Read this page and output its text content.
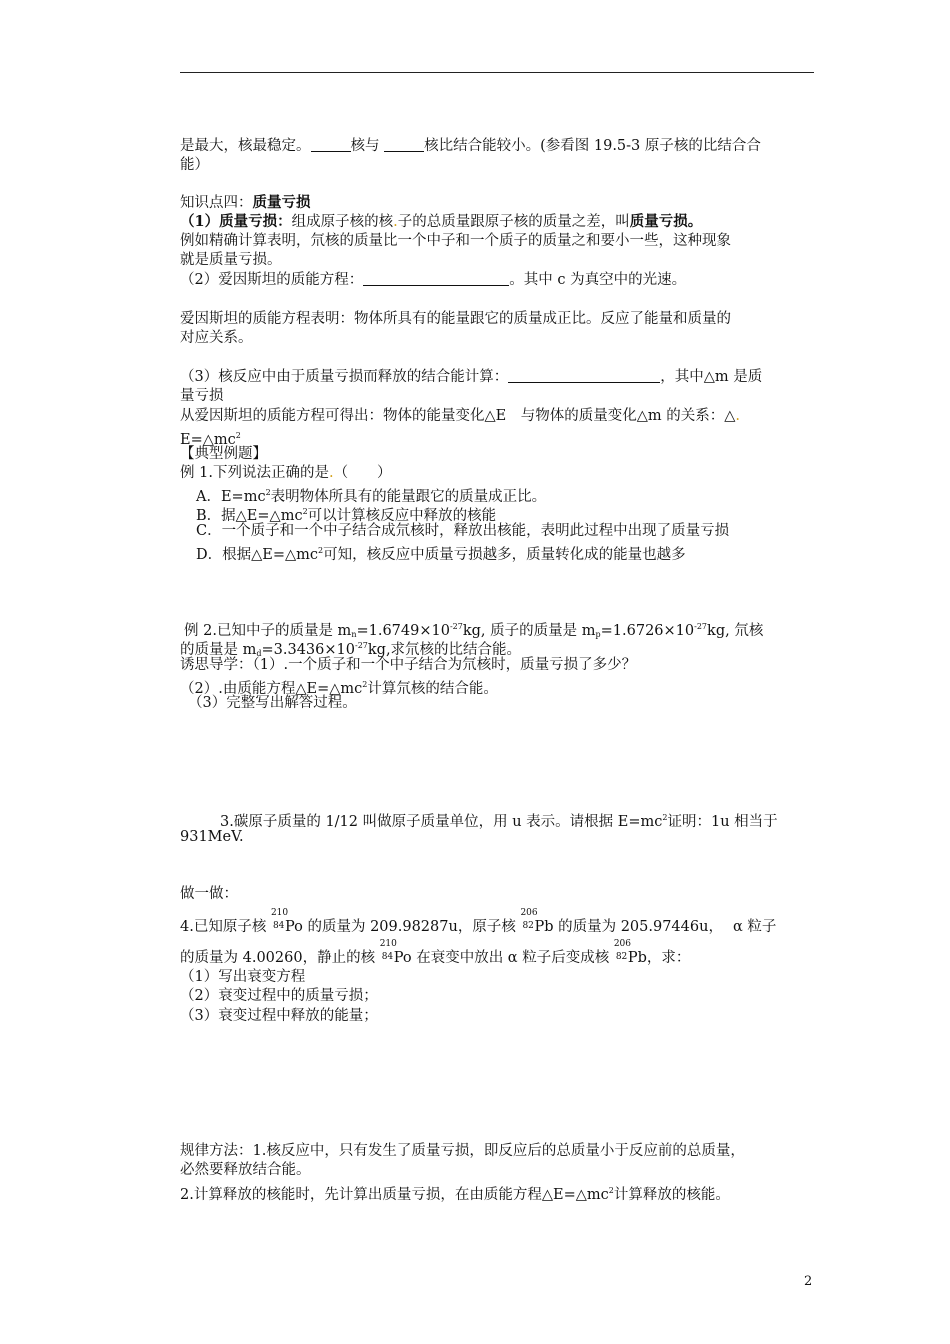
是最大，核最稳定。	核与	核比结合能较小。(参看图 19.5-3 原子核的比结合合
能）
知识点四：质量亏损
（1）质量亏损：组成原子核的核.子的总质量跟原子核的质量之差，叫质量亏损。
例如精确计算表明，氘核的质量比一个中子和一个质子的质量之和要小一些，这种现象
就是质量亏损。
（2）爱因斯坦的质能方程：	。其中 c 为真空中的光速。
爱因斯坦的质能方程表明：物体所具有的能量跟它的质量成正比。反应了能量和质量的
对应关系。
（3）核反应中由于质量亏损而释放的结合能计算：	，其中△m 是质
量亏损
从爱因斯坦的质能方程可得出：物体的能量变化△E　与物体的质量变化△m 的关系：△.
$E=\triangle mc^2$
【典型例题】
例 1.下列说法正确的是.（　　）
A．$E=mc^2$表明物体所具有的能量跟它的质量成正比。
B．据$\triangle E=\triangle mc^2$可以计算核反应中释放的核能
C．一个质子和一个中子结合成氘核时，释放出核能，表明此过程中出现了质量亏损
D．根据$\triangle E=\triangle mc^2$可知，核反应中质量亏损越多，质量转化成的能量也越多
例 2.已知中子的质量是 $m_n=1.6749\times 10^{-27}kg$, 质子的质量是 $m_p=1.6726\times 10^{-27}kg$, 氘核
的质量是 $m_d=3.3436\times 10^{-27}kg$,求氘核的比结合能。
诱思导学：（1）.一个质子和一个中子结合为氘核时，质量亏损了多少？
（2）.由质能方程$\triangle E=\triangle mc^2$计算氘核的结合能。
（3）完整写出解答过程。
3.碳原子质量的 1/12 叫做原子质量单位，用 u 表示。请根据 $E=mc^2$证明：1u 相当于
931MeV.
做一做：
4.已知原子核
210
84 Po 的质量为 209.98287u，原子核
206
82 Pb 的质量为 205.97446u， α 粒子
的质量为 4.00260，静止的核
210
84 Po 在衰变中放出 α 粒子后变成核
206
82 Pb，求：
（1）写出衰变方程
（2）衰变过程中的质量亏损；
（3）衰变过程中释放的能量；
规律方法：1.核反应中，只有发生了质量亏损，即反应后的总质量小于反应前的总质量，
必然要释放结合能。
2.计算释放的核能时，先计算出质量亏损，在由质能方程$\triangle E=\triangle mc^2$计算释放的核能。
2
